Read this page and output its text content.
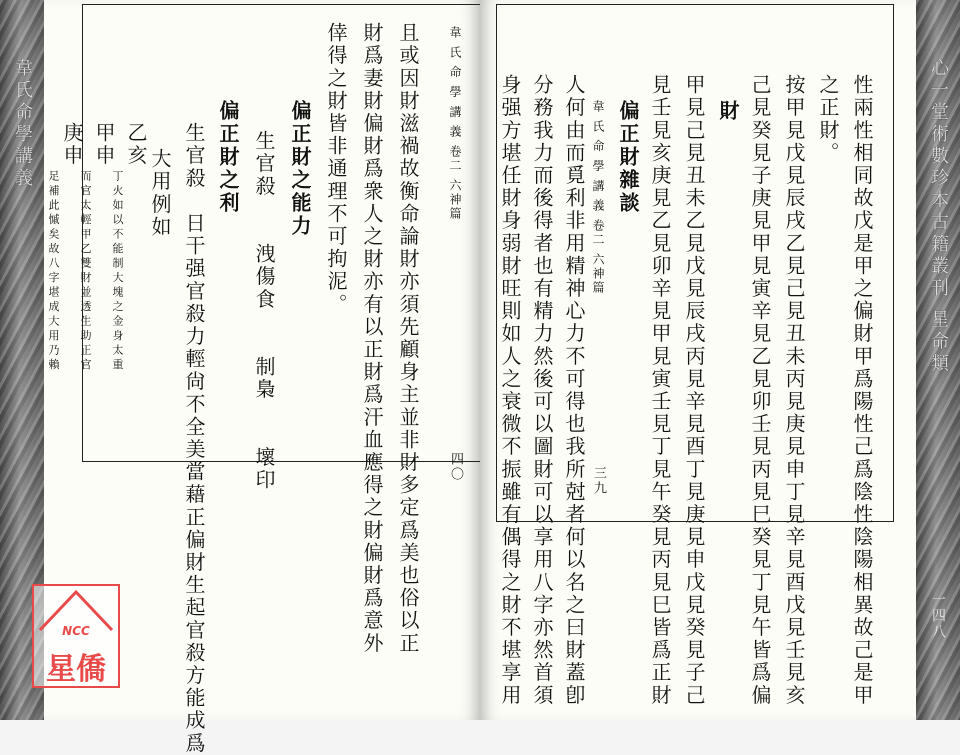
韋氏命學講義	韋 氏 命 學 講 義 卷二 六神篇
四〇
且或因財滋禍故衡命論財亦須先顧身主並非財多定爲美也俗以正
財爲妻財偏財爲衆人之財亦有以正財爲汗血應得之財偏財爲意外
倖得之財皆非通理不可拘泥。
偏正財之能力
生官殺　　洩傷食　　制梟　　壞印
偏正財之利
生官殺　日干强官殺力輕尙不全美當藉正偏財生起官殺方能成爲
大用例如
乙亥
丁火如以不能制大塊之金身太重
甲申
而官太輕甲乙雙財並透生助正官
庚申
足補此慽矣故八字堪成大用乃賴	性兩性相同故戊是甲之偏財甲爲陽性己爲陰性陰陽相異故己是甲
之正財。
按甲見戊見辰戌乙見己見丑未丙見庚見申丁見辛見酉戊見壬見亥
己見癸見子庚見甲見寅辛見乙見卯壬見丙見巳癸見丁見午皆爲偏
財
甲見己見丑未乙見戊見辰戌丙見辛見酉丁見庚見申戊見癸見子己
見壬見亥庚見乙見卯辛見甲見寅壬見丁見午癸見丙見巳皆爲正財
偏正財雜談
韋 氏 命 學 講 義 卷二 六神篇
三九
人何由而覓利非用精神心力不可得也我所尅者何以名之曰財蓋卽
分務我力而後得者也有精力然後可以圖財可以享用八字亦然首須
身强方堪任財身弱財旺則如人之衰微不振雖有偶得之財不堪享用	心一堂術數珍本古籍叢刊 星命類
一四八
NCC
星僑
